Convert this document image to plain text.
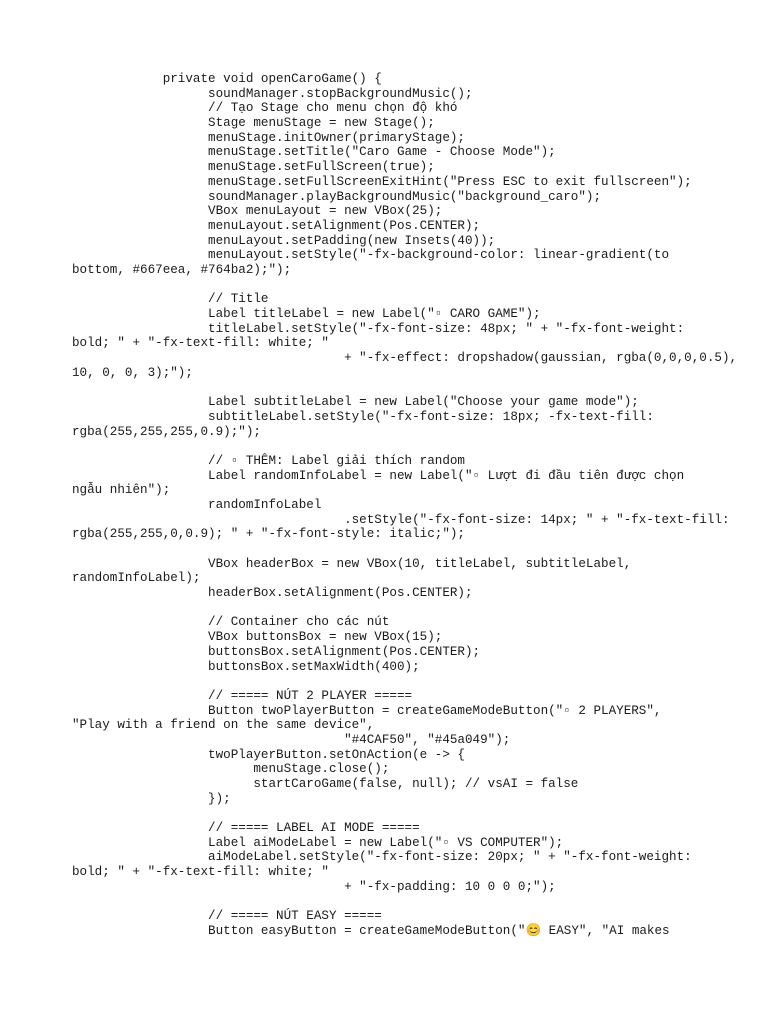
private void openCaroGame() {
soundManager.stopBackgroundMusic();
// Tạo Stage cho menu chọn độ khó
Stage menuStage = new Stage();
menuStage.initOwner(primaryStage);
menuStage.setTitle("Caro Game - Choose Mode");
menuStage.setFullScreen(true);
menuStage.setFullScreenExitHint("Press ESC to exit fullscreen");
soundManager.playBackgroundMusic("background_caro");
VBox menuLayout = new VBox(25);
menuLayout.setAlignment(Pos.CENTER);
menuLayout.setPadding(new Insets(40));
menuLayout.setStyle("-fx-background-color: linear-gradient(to
bottom, #667eea, #764ba2);");
// Title
Label titleLabel = new Label("▫ CARO GAME");
titleLabel.setStyle("-fx-font-size: 48px; " + "-fx-font-weight:
bold; " + "-fx-text-fill: white; "
+ "-fx-effect: dropshadow(gaussian, rgba(0,0,0,0.5),
10, 0, 0, 3);");
Label subtitleLabel = new Label("Choose your game mode");
subtitleLabel.setStyle("-fx-font-size: 18px; -fx-text-fill:
rgba(255,255,255,0.9);");
// ▫ THÊM: Label giải thích random
Label randomInfoLabel = new Label("▫ Lượt đi đầu tiên được chọn
ngẫu nhiên");
randomInfoLabel
.setStyle("-fx-font-size: 14px; " + "-fx-text-fill:
rgba(255,255,0,0.9); " + "-fx-font-style: italic;");
VBox headerBox = new VBox(10, titleLabel, subtitleLabel,
randomInfoLabel);
headerBox.setAlignment(Pos.CENTER);
// Container cho các nút
VBox buttonsBox = new VBox(15);
buttonsBox.setAlignment(Pos.CENTER);
buttonsBox.setMaxWidth(400);
// ===== NÚT 2 PLAYER =====
Button twoPlayerButton = createGameModeButton("▫ 2 PLAYERS",
"Play with a friend on the same device",
"#4CAF50", "#45a049");
twoPlayerButton.setOnAction(e -> {
menuStage.close();
startCaroGame(false, null); // vsAI = false
});
// ===== LABEL AI MODE =====
Label aiModeLabel = new Label("▫ VS COMPUTER");
aiModeLabel.setStyle("-fx-font-size: 20px; " + "-fx-font-weight:
bold; " + "-fx-text-fill: white; "
+ "-fx-padding: 10 0 0 0;");
// ===== NÚT EASY =====
Button easyButton = createGameModeButton("😊 EASY", "AI makes
